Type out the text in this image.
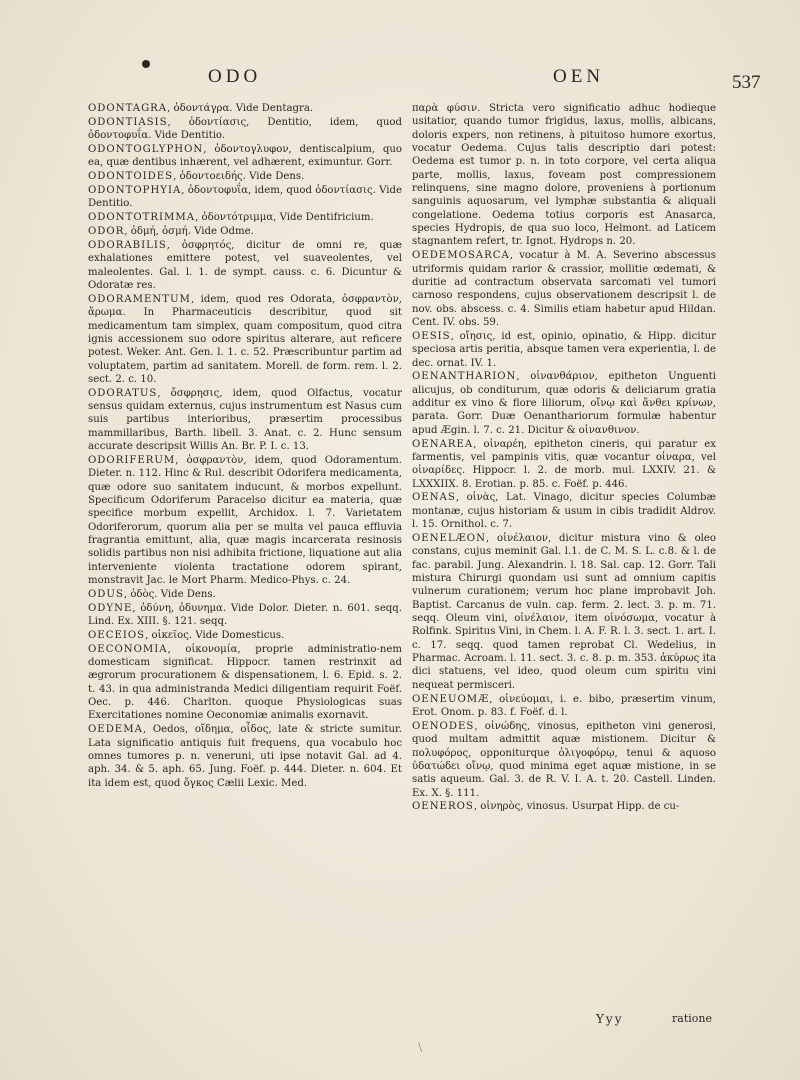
ODO	OEN	537

ODONTAGRA, ὀδοντάγρα. Vide Dentagra.

ODONTIASIS, ὀδοντίασις, Dentitio, idem, quod ὀδοντοφυΐα. Vide Dentitio.

ODONTOGLYPHON, ὀδοντογλυφον, dentiscalpium, quo ea, quæ dentibus inhærent, vel adhærent, eximuntur. Gorr.

ODONTOIDES, ὀδοντοειδής. Vide Dens.

ODONTOPHYIA, ὀδοντοφυΐα, idem, quod ὀδοντίασις. Vide Dentitio.

ODONTOTRIMMA, ὀδοντότριμμα, Vide Dentifricium.

ODOR, ὀδμή, ὀσμή. Vide Odme.

ODORABILIS, ὀσφρητός, dicitur de omni re, quæ exhalationes emittere potest, vel suaveolentes, vel maleolentes. Gal. l. 1. de sympt. causs. c. 6. Dicuntur & Odoratæ res.

ODORAMENTUM, idem, quod res Odorata, ὀσφραντὸν, ἄρωμα. In Pharmaceuticis describitur, quod sit medicamentum tam simplex, quam compositum, quod citra ignis accessionem suo odore spiritus alterare, aut reficere potest. Weker. Ant. Gen. l. 1. c. 52. Præscribuntur partim ad voluptatem, partim ad sanitatem. Morell. de form. rem. l. 2. sect. 2. c. 10.

ODORATUS, ὄσφρησις, idem, quod Olfactus, vocatur sensus quidam externus, cujus instrumentum est Nasus cum suis partibus interioribus, præsertim processibus mammillaribus, Barth. libell. 3. Anat. c. 2. Hunc sensum accurate descripsit Willis An. Br. P. I. c. 13.

ODORIFERUM, ὀσφραντὸν, idem, quod Odoramentum. Dieter. n. 112. Hinc & Rul. describit Odorifera medicamenta, quæ odore suo sanitatem inducunt, & morbos expellunt. Specificum Odoriferum Paracelso dicitur ea materia, quæ specifice morbum expellit, Archidox. l. 7. Varietatem Odoriferorum, quorum alia per se multa vel pauca effluvia fragrantia emittunt, alia, quæ magis incarcerata resinosis solidis partibus non nisi adhibita frictione, liquatione aut alia interveniente violenta tractatione odorem spirant, monstravit Jac. le Mort Pharm. Medico-Phys. c. 24.

ODUS, ὀδὸς. Vide Dens.

ODYNE, ὀδύνη, ὀδυνημα. Vide Dolor. Dieter. n. 601. seqq. Lind. Ex. XIII. §. 121. seqq.

OECEIOS, οἰκεῖος. Vide Domesticus.

OECONOMIA, οἰκονομία, proprie administratio-nem domesticam significat. Hippocr. tamen restrinxit ad ægrorum procurationem & dispensationem, l. 6. Epid. s. 2. t. 43. in qua administranda Medici diligentiam requirit Foëf. Oec. p. 446. Charlton. quoque Physiologicas suas Exercitationes nomine Oeconomiæ animalis exornavit.

OEDEMA, Oedos, οἴδημα, οἶδος, late & stricte sumitur. Lata significatio antiquis fuit frequens, qua vocabulo hoc omnes tumores p. n. veneruni, uti ipse notavit Gal. ad 4. aph. 34. & 5. aph. 65. Jung. Foëf. p. 444. Dieter. n. 604. Et ita idem est, quod ὄγκος Cælii Lexic. Med.

παρὰ φύσιν. Stricta vero significatio adhuc hodieque usitatior, quando tumor frigidus, laxus, mollis, albicans, doloris expers, non retinens, à pituitoso humore exortus, vocatur Oedema. Cujus talis descriptio dari potest: Oedema est tumor p. n. in toto corpore, vel certa aliqua parte, mollis, laxus, foveam post compressionem relinquens, sine magno dolore, proveniens à portionum sanguinis aquosarum, vel lymphæ substantia & aliquali congelatione. Oedema totius corporis est Anasarca, species Hydropis, de qua suo loco, Helmont. ad Laticem stagnantem refert, tr. Ignot. Hydrops n. 20.

OEDEMOSARCA, vocatur à M. A. Severino abscessus utriformis quidam rarior & crassior, mollitie œdemati, & duritie ad contractum observata sarcomati vel tumori carnoso respondens, cujus observationem descripsit l. de nov. obs. abscess. c. 4. Similis etiam habetur apud Hildan. Cent. IV. obs. 59.

OESIS, οἴησις, id est, opinio, opinatio, & Hipp. dicitur speciosa artis peritia, absque tamen vera experientia, l. de dec. ornat. IV. 1.

OENANTHARION, οἰνανθάριον, epitheton Unguenti alicujus, ob conditurum, quæ odoris & deliciarum gratia additur ex vino & flore liliorum, οἴνῳ καὶ ἄνθει κρίνων, parata. Gorr. Duæ Oenanthariorum formulæ habentur apud Ægin. l. 7. c. 21. Dicitur & οἰνανθινον.

OENAREA, οἰναρέη, epitheton cineris, qui paratur ex farmentis, vel pampinis vitis, quæ vocantur οἰναρα, vel οἰναρίδες. Hippocr. l. 2. de morb. mul. LXXIV. 21. & LXXXIIX. 8. Erotian. p. 85. c. Foëf. p. 446.

OENAS, οἰνὰς, Lat. Vinago, dicitur species Columbæ montanæ, cujus historiam & usum in cibis tradidit Aldrov. l. 15. Ornithol. c. 7.

OENELÆON, οἰνέλαιον, dicitur mistura vino & oleo constans, cujus meminit Gal. l.1. de C. M. S. L. c.8. & l. de fac. parabil. Jung. Alexandrin. l. 18. Sal. cap. 12. Gorr. Tali mistura Chirurgi quondam usi sunt ad omnium capitis vulnerum curationem; verum hoc plane improbavit Joh. Baptist. Carcanus de vuln. cap. ferm. 2. lect. 3. p. m. 71. seqq. Oleum vini, οἰνέλαιον, item οἰνόσωμα, vocatur à Rolfink. Spiritus Vini, in Chem. l. A. F. R. l. 3. sect. 1. art. I. c. 17. seqq. quod tamen reprobat Cl. Wedelius, in Pharmac. Acroam. l. 11. sect. 3. c. 8. p. m. 353. ἀκύρως ita dici statuens, vel ideo, quod oleum cum spiritu vini nequeat permisceri.

OENEUOMÆ, οἰνεύομαι, i. e. bibo, præsertim vinum, Erot. Onom. p. 83. f. Foëf. d. l.

OENODES, οἰνώδης, vinosus, epitheton vini generosi, quod multam admittit aquæ mistionem. Dicitur & πολυφόρος, opponiturque ὀλιγοφόρῳ, tenui & aquoso ὑδατώδει οἴνῳ, quod minima eget aquæ mistione, in se satis aqueum. Gal. 3. de R. V. I. A. t. 20. Castell. Linden. Ex. X. §. 111.

OENEROS, οἰνηρὸς, vinosus. Usurpat Hipp. de cu-

Yyy	ratione
/
